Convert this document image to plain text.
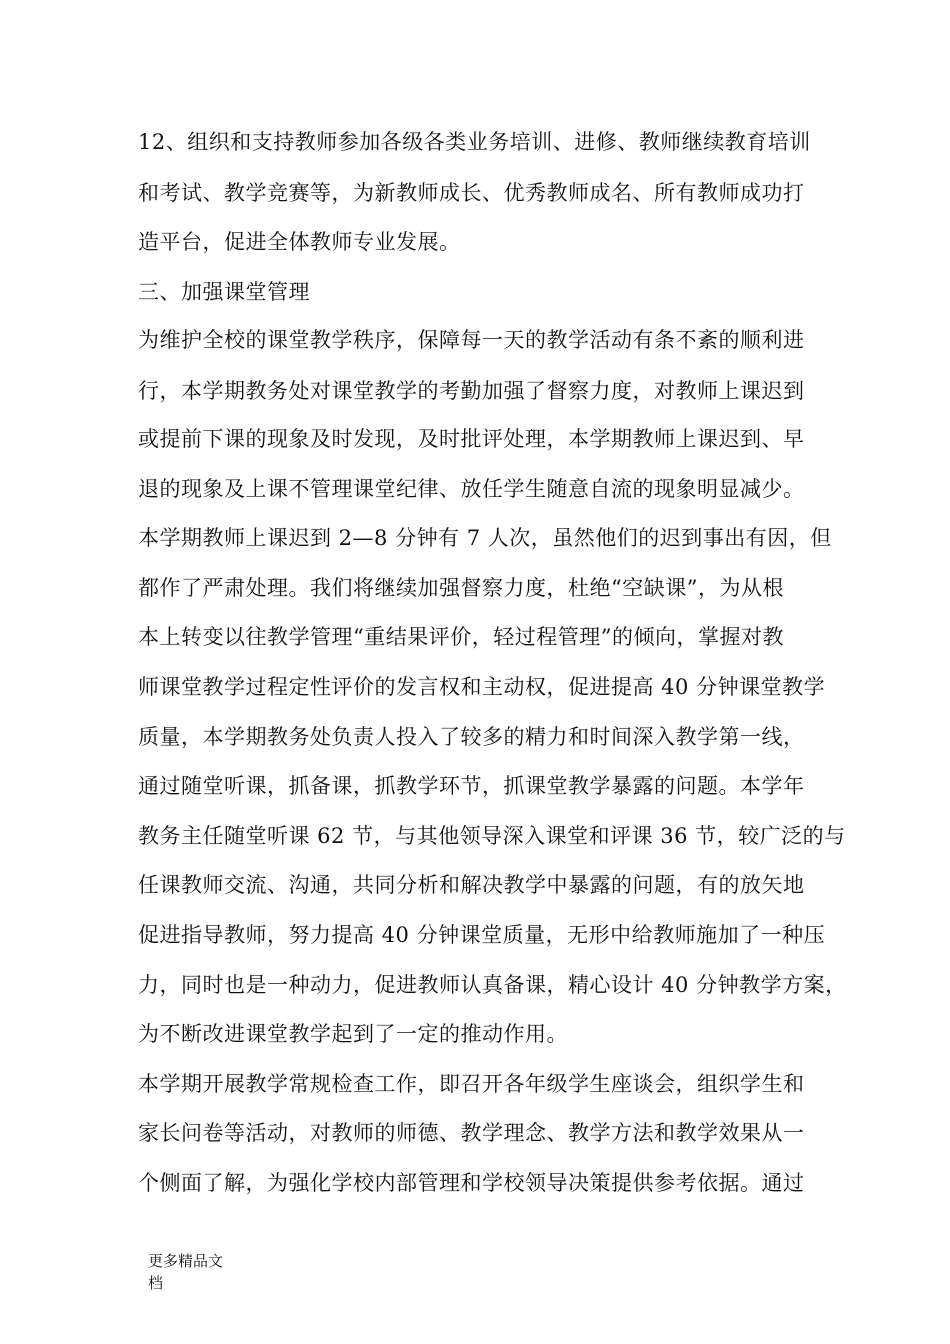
12、组织和支持教师参加各级各类业务培训、进修、教师继续教育培训
和考试、教学竞赛等，为新教师成长、优秀教师成名、所有教师成功打
造平台，促进全体教师专业发展。
三、加强课堂管理
为维护全校的课堂教学秩序，保障每一天的教学活动有条不紊的顺利进
行，本学期教务处对课堂教学的考勤加强了督察力度，对教师上课迟到
或提前下课的现象及时发现，及时批评处理，本学期教师上课迟到、早
退的现象及上课不管理课堂纪律、放任学生随意自流的现象明显减少。
本学期教师上课迟到 2—8 分钟有 7 人次，虽然他们的迟到事出有因，但
都作了严肃处理。我们将继续加强督察力度，杜绝“空缺课”，为从根
本上转变以往教学管理“重结果评价，轻过程管理”的倾向，掌握对教
师课堂教学过程定性评价的发言权和主动权，促进提高 40 分钟课堂教学
质量，本学期教务处负责人投入了较多的精力和时间深入教学第一线，
通过随堂听课，抓备课，抓教学环节，抓课堂教学暴露的问题。本学年
教务主任随堂听课 62 节，与其他领导深入课堂和评课 36 节，较广泛的与
任课教师交流、沟通，共同分析和解决教学中暴露的问题，有的放矢地
促进指导教师，努力提高 40 分钟课堂质量，无形中给教师施加了一种压
力，同时也是一种动力，促进教师认真备课，精心设计 40 分钟教学方案，
为不断改进课堂教学起到了一定的推动作用。
本学期开展教学常规检查工作，即召开各年级学生座谈会，组织学生和
家长问卷等活动，对教师的师德、教学理念、教学方法和教学效果从一
个侧面了解，为强化学校内部管理和学校领导决策提供参考依据。通过
更多精品文
档
